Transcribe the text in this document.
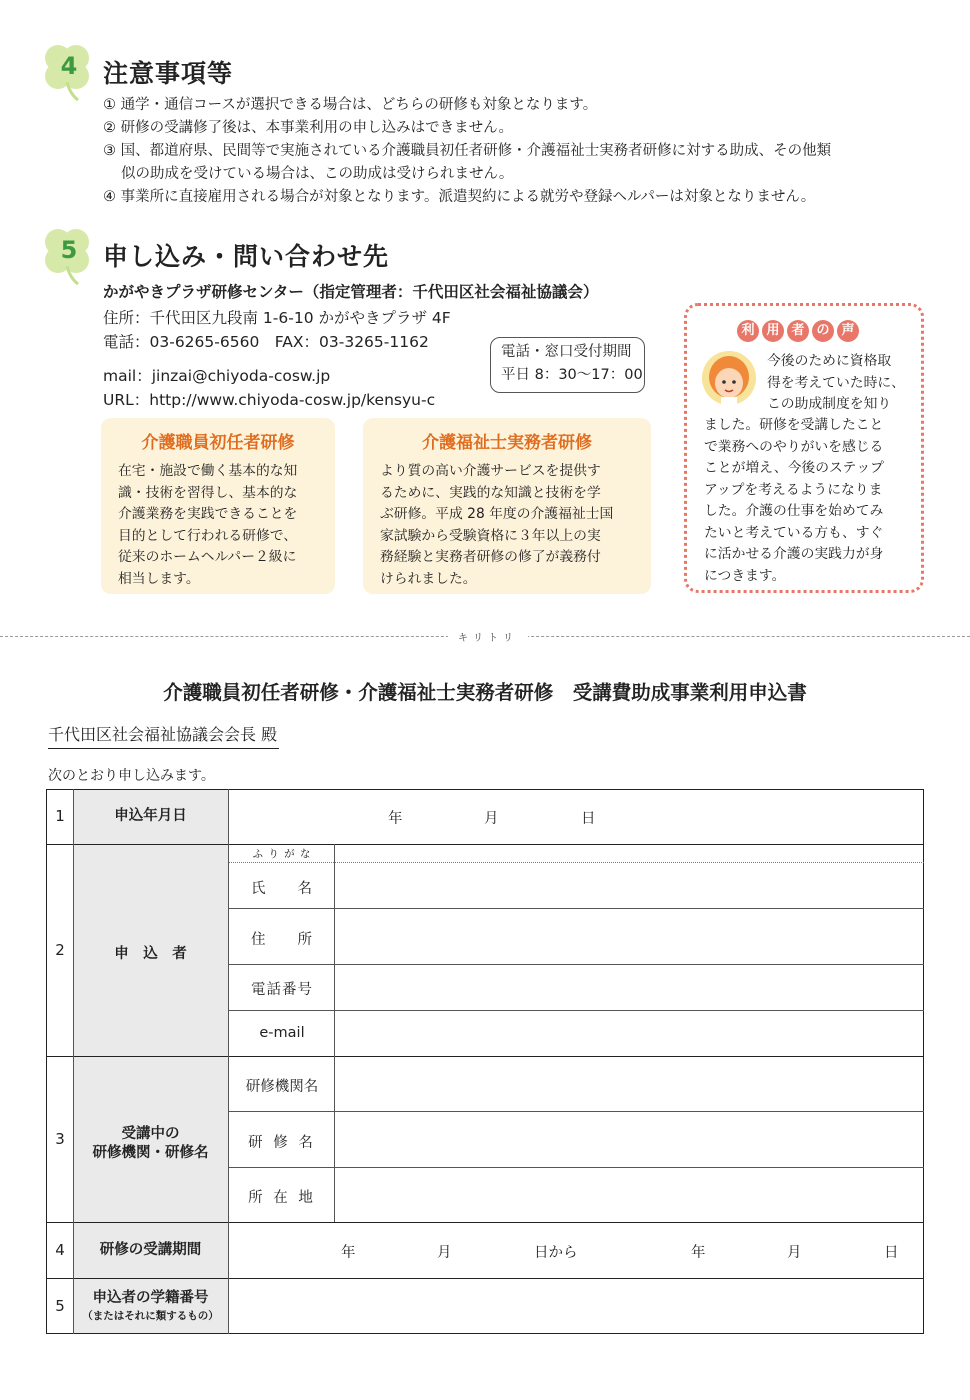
4 注意事項等
① 通学・通信コースが選択できる場合は、どちらの研修も対象となります。
② 研修の受講修了後は、本事業利用の申し込みはできません。
③ 国、都道府県、民間等で実施されている介護職員初任者研修・介護福祉士実務者研修に対する助成、その他類
似の助成を受けている場合は、この助成は受けられません。
④ 事業所に直接雇用される場合が対象となります。派遣契約による就労や登録ヘルパーは対象となりません。
5 申し込み・問い合わせ先
かがやきプラザ研修センター（指定管理者：千代田区社会福祉協議会）
住所：千代田区九段南 1-6-10 かがやきプラザ 4F
電話：03-6265-6560　FAX：03-3265-1162
mail：jinzai@chiyoda-cosw.jp
URL：http://www.chiyoda-cosw.jp/kensyu-c
電話・窓口受付期間
平日 8：30～17：00
介護職員初任者研修

在宅・施設で働く基本的な知
識・技術を習得し、基本的な
介護業務を実践できることを
目的として行われる研修で、
従来のホームヘルパー２級に
相当します。

介護福祉士実務者研修

より質の高い介護サービスを提供す
るために、実践的な知識と技術を学
ぶ研修。平成 28 年度の介護福祉士国
家試験から受験資格に３年以上の実
務経験と実務者研修の修了が義務付
けられました。

利 用 者 の 声
今後のために資格取
得を考えていた時に、
この助成制度を知り
ました。研修を受講したこと
で業務へのやりがいを感じる
ことが増え、今後のステップ
アップを考えるようになりま
した。介護の仕事を始めてみ
たいと考えている方も、すぐ
に活かせる介護の実践力が身
につきます。
キリトリ
介護職員初任者研修・介護福祉士実務者研修　受講費助成事業利用申込書
千代田区社会福祉協議会会長 殿
次のとおり申し込みます。
1	申込年月日	年	月	日
2	申　込　者
ふ り が な
氏　　名
住　　所
電話番号
e-mail
3	受講中の
研修機関・研修名
研修機関名
研 修 名
所 在 地
4	研修の受講期間	年	月	日から	年	月	日
5	申込者の学籍番号
（またはそれに類するもの）
